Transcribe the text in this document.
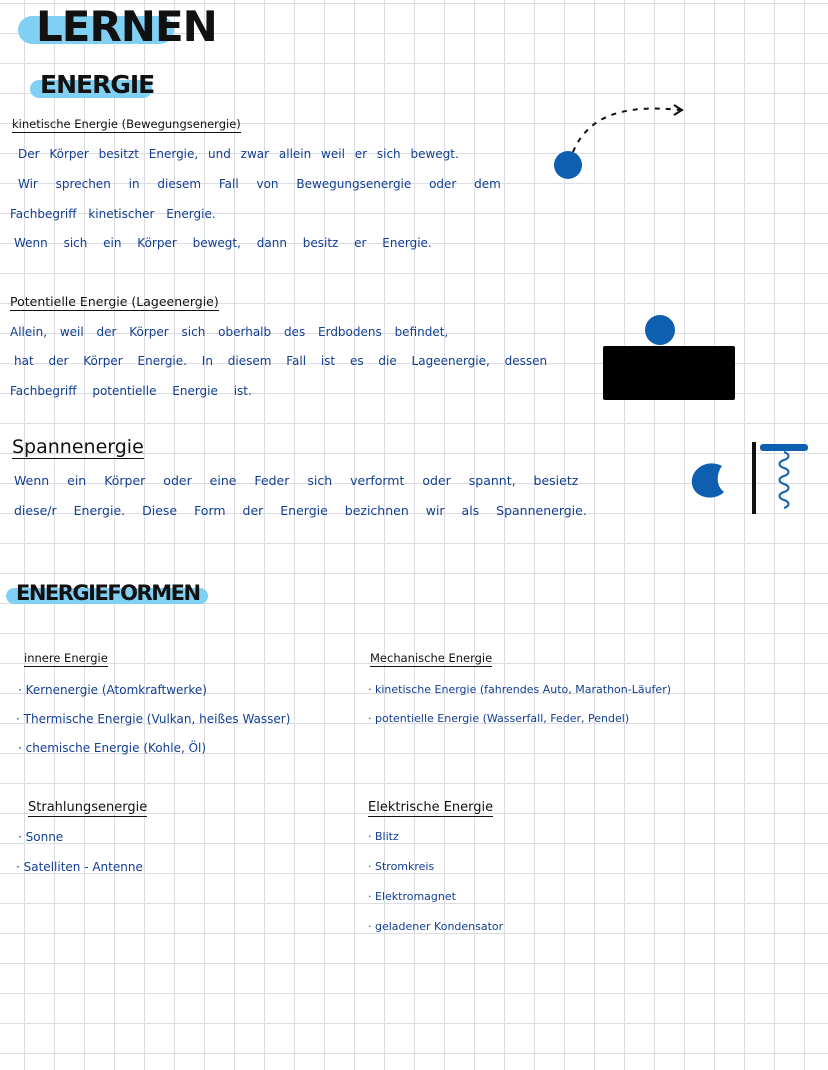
LERNEN
ENERGIE
kinetische Energie (Bewegungsenergie)
Der Körper besitzt Energie, und zwar allein weil er sich bewegt.
Wir sprechen in diesem Fall von Bewegungsenergie oder dem
Fachbegriff kinetischer Energie.
Wenn sich ein Körper bewegt, dann besitz er Energie.
Potentielle Energie (Lageenergie)
Allein, weil der Körper sich oberhalb des Erdbodens befindet,
hat der Körper Energie. In diesem Fall ist es die Lageenergie, dessen
Fachbegriff potentielle Energie ist.
Spannenergie
Wenn ein Körper oder eine Feder sich verformt oder spannt, besietz
diese/r Energie. Diese Form der Energie bezichnen wir als Spannenergie.
ENERGIEFORMEN
innere Energie
· Kernenergie (Atomkraftwerke)
· Thermische Energie (Vulkan, heißes Wasser)
· chemische Energie (Kohle, Öl)
Mechanische Energie
· kinetische Energie (fahrendes Auto, Marathon-Läufer)
· potentielle Energie (Wasserfall, Feder, Pendel)
Strahlungsenergie
· Sonne
· Satelliten - Antenne
Elektrische Energie
· Blitz
· Stromkreis
· Elektromagnet
· geladener Kondensator
